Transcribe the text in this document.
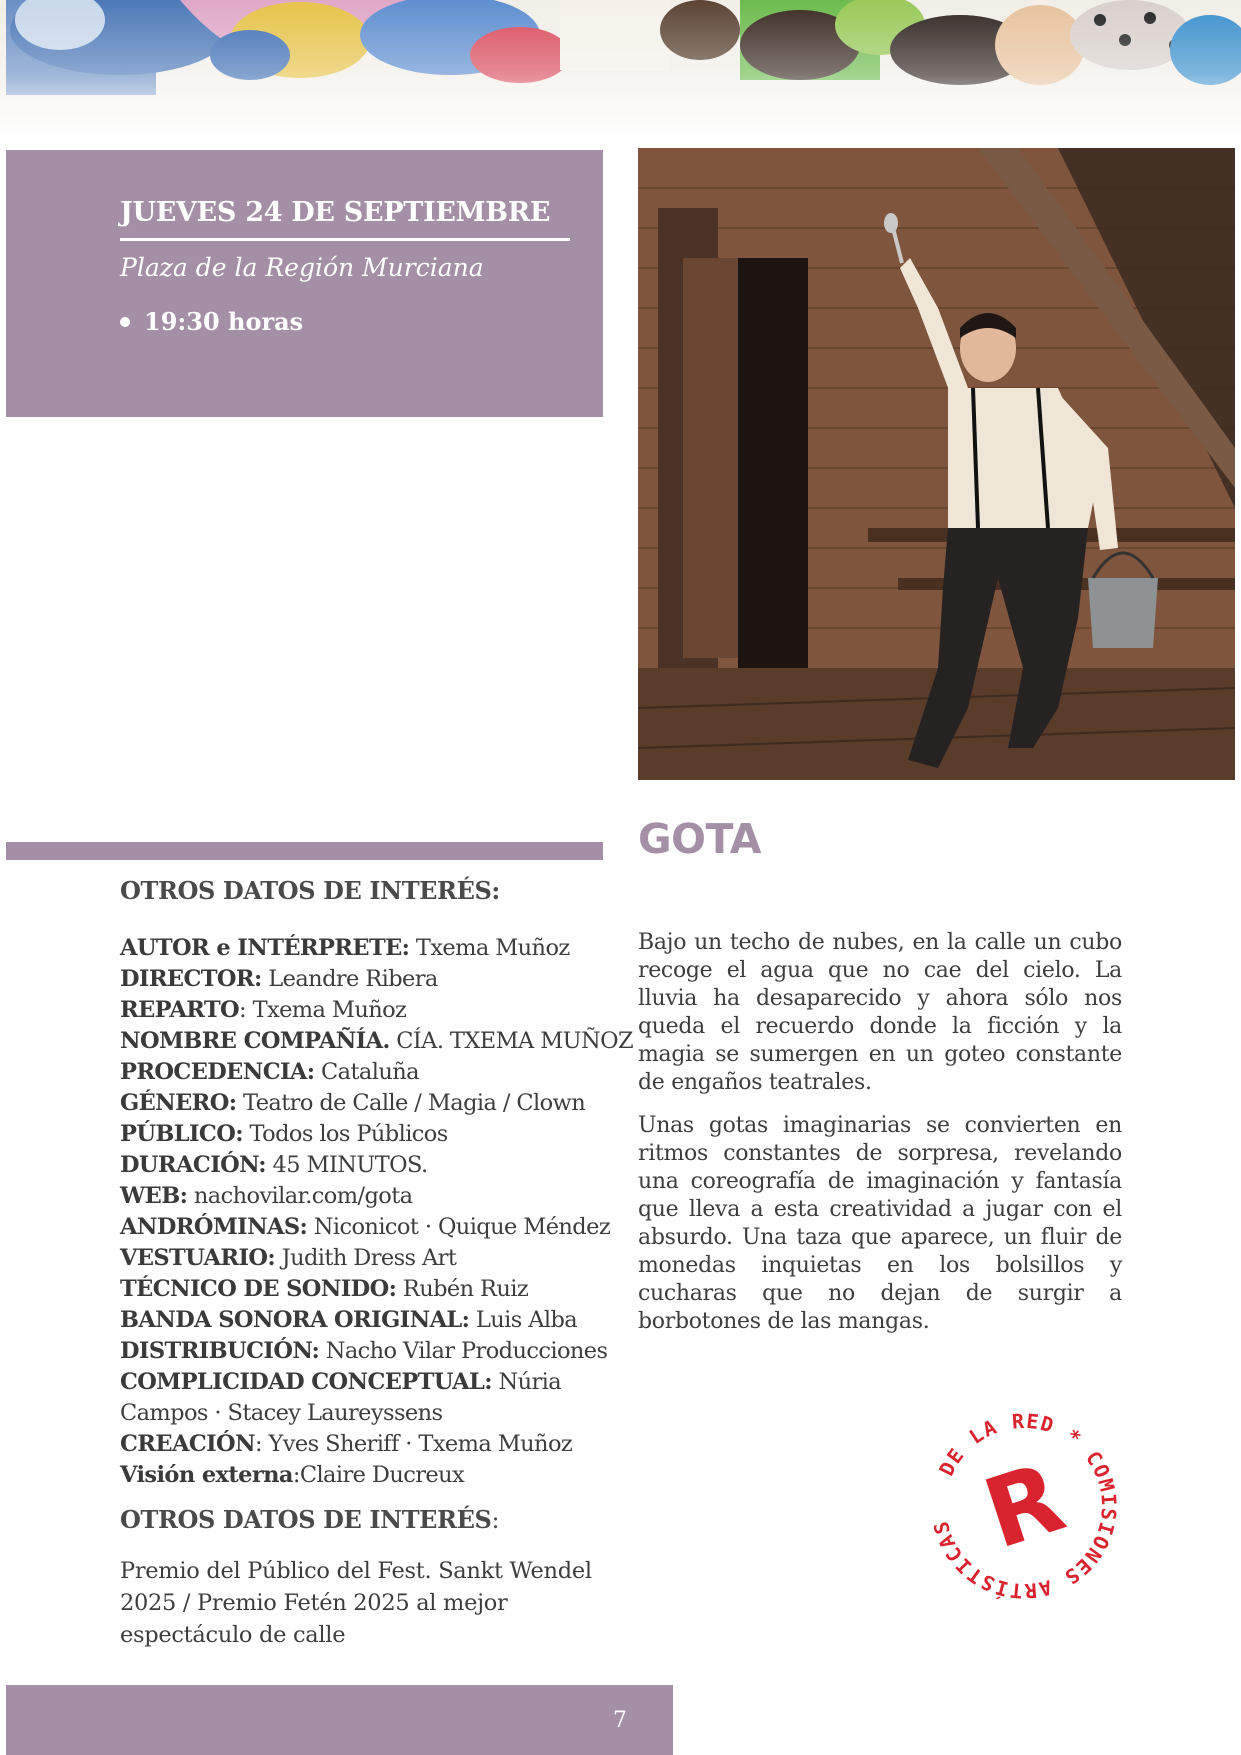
JUEVES 24 DE SEPTIEMBRE
Plaza de la Región Murciana
19:30 horas
GOTA
OTROS DATOS DE INTERÉS:
AUTOR e INTÉRPRETE: Txema Muñoz
DIRECTOR: Leandre Ribera
REPARTO: Txema Muñoz
NOMBRE COMPAÑÍA. CÍA. TXEMA MUÑOZ
PROCEDENCIA: Cataluña
GÉNERO: Teatro de Calle / Magia / Clown
PÚBLICO: Todos los Públicos
DURACIÓN: 45 MINUTOS.
WEB: nachovilar.com/gota
ANDRÓMINAS: Niconicot · Quique Méndez
VESTUARIO: Judith Dress Art
TÉCNICO DE SONIDO: Rubén Ruiz
BANDA SONORA ORIGINAL: Luis Alba
DISTRIBUCIÓN: Nacho Vilar Producciones
COMPLICIDAD CONCEPTUAL: Núria Campos · Stacey Laureyssens
CREACIÓN: Yves Sheriff · Txema Muñoz
Visión externa:Claire Ducreux
OTROS DATOS DE INTERÉS:
Premio del Público del Fest. Sankt Wendel 2025 / Premio Fetén 2025 al mejor espectáculo de calle

Bajo un techo de nubes, en la calle un cubo recoge el agua que no cae del cielo. La lluvia ha desaparecido y ahora sólo nos queda el recuerdo donde la ficción y la magia se sumergen en un goteo constante de engaños teatrales.

Unas gotas imaginarias se convierten en ritmos constantes de sorpresa, revelando una coreografía de imaginación y fantasía que lleva a esta creatividad a jugar con el absurdo. Una taza que aparece, un fluir de monedas inquietas en los bolsillos y cucharas que no dejan de surgir a borbotones de las mangas.

DE LA RED * COMISIONES ARTÍSTICAS R
7
